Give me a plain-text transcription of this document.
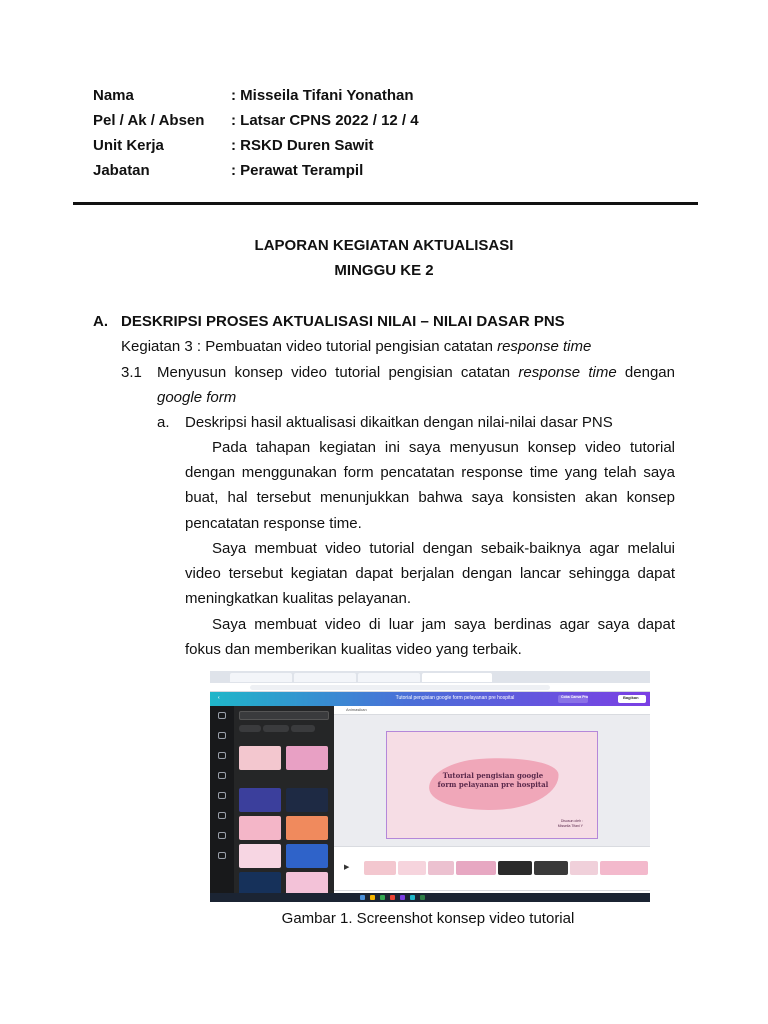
Nama	: Misseila Tifani Yonathan
Pel / Ak / Absen : Latsar CPNS 2022 / 12 / 4
Unit Kerja	: RSKD Duren Sawit
Jabatan	: Perawat Terampil
LAPORAN KEGIATAN AKTUALISASI
MINGGU KE 2
A. DESKRIPSI PROSES AKTUALISASI NILAI – NILAI DASAR PNS
Kegiatan 3 : Pembuatan video tutorial pengisian catatan response time
3.1 Menyusun konsep video tutorial pengisian catatan response time dengan
google form
a. Deskripsi hasil aktualisasi dikaitkan dengan nilai-nilai dasar PNS
Pada tahapan kegiatan ini saya menyusun konsep video tutorial
dengan menggunakan form pencatatan response time yang telah saya
buat, hal tersebut menunjukkan bahwa saya konsisten akan konsep
pencatatan response time.
Saya membuat video tutorial dengan sebaik-baiknya agar melalui
video tersebut kegiatan dapat berjalan dengan lancar sehingga dapat
meningkatkan kualitas pelayanan.
Saya membuat video di luar jam saya berdinas agar saya dapat
fokus dan memberikan kualitas video yang terbaik.
‹	Tutorial pengisian google form pelayanan pre hospital	Coba Canva Pro	Bagikan
Animasikan
Tutorial pengisian google
form pelayanan pre hospital
Disusun oleh :
Misseila Tifani Y
▶
Gambar 1. Screenshot konsep video tutorial
